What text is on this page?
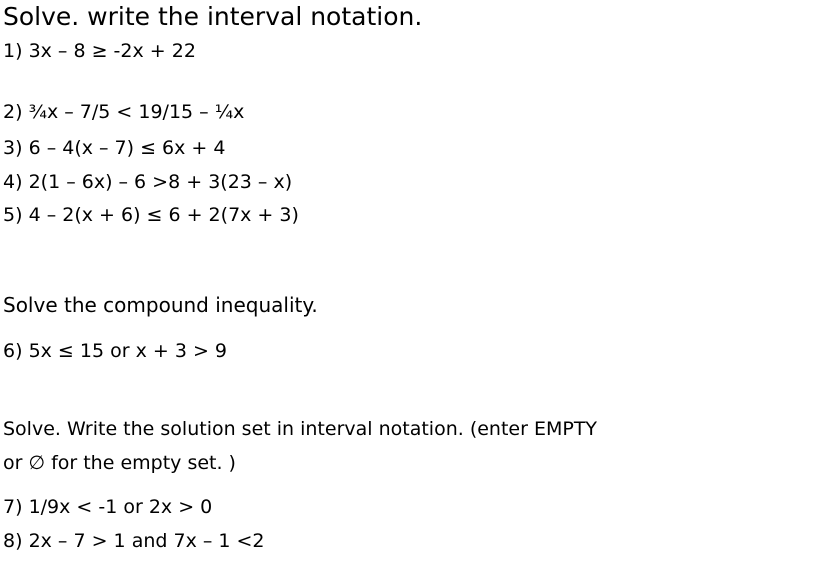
Solve. write the interval notation.
1) 3x – 8 ≥ -2x + 22
2) ¾x – 7/5 < 19/15 – ¼x
3) 6 – 4(x – 7) ≤ 6x + 4
4) 2(1 – 6x) – 6 >8 + 3(23 – x)
5) 4 – 2(x + 6) ≤ 6 + 2(7x + 3)
Solve the compound inequality.
6) 5x ≤ 15 or x + 3 > 9
Solve. Write the solution set in interval notation. (enter EMPTY
or ∅ for the empty set. )
7) 1/9x < -1 or 2x > 0
8) 2x – 7 > 1 and 7x – 1 <2
